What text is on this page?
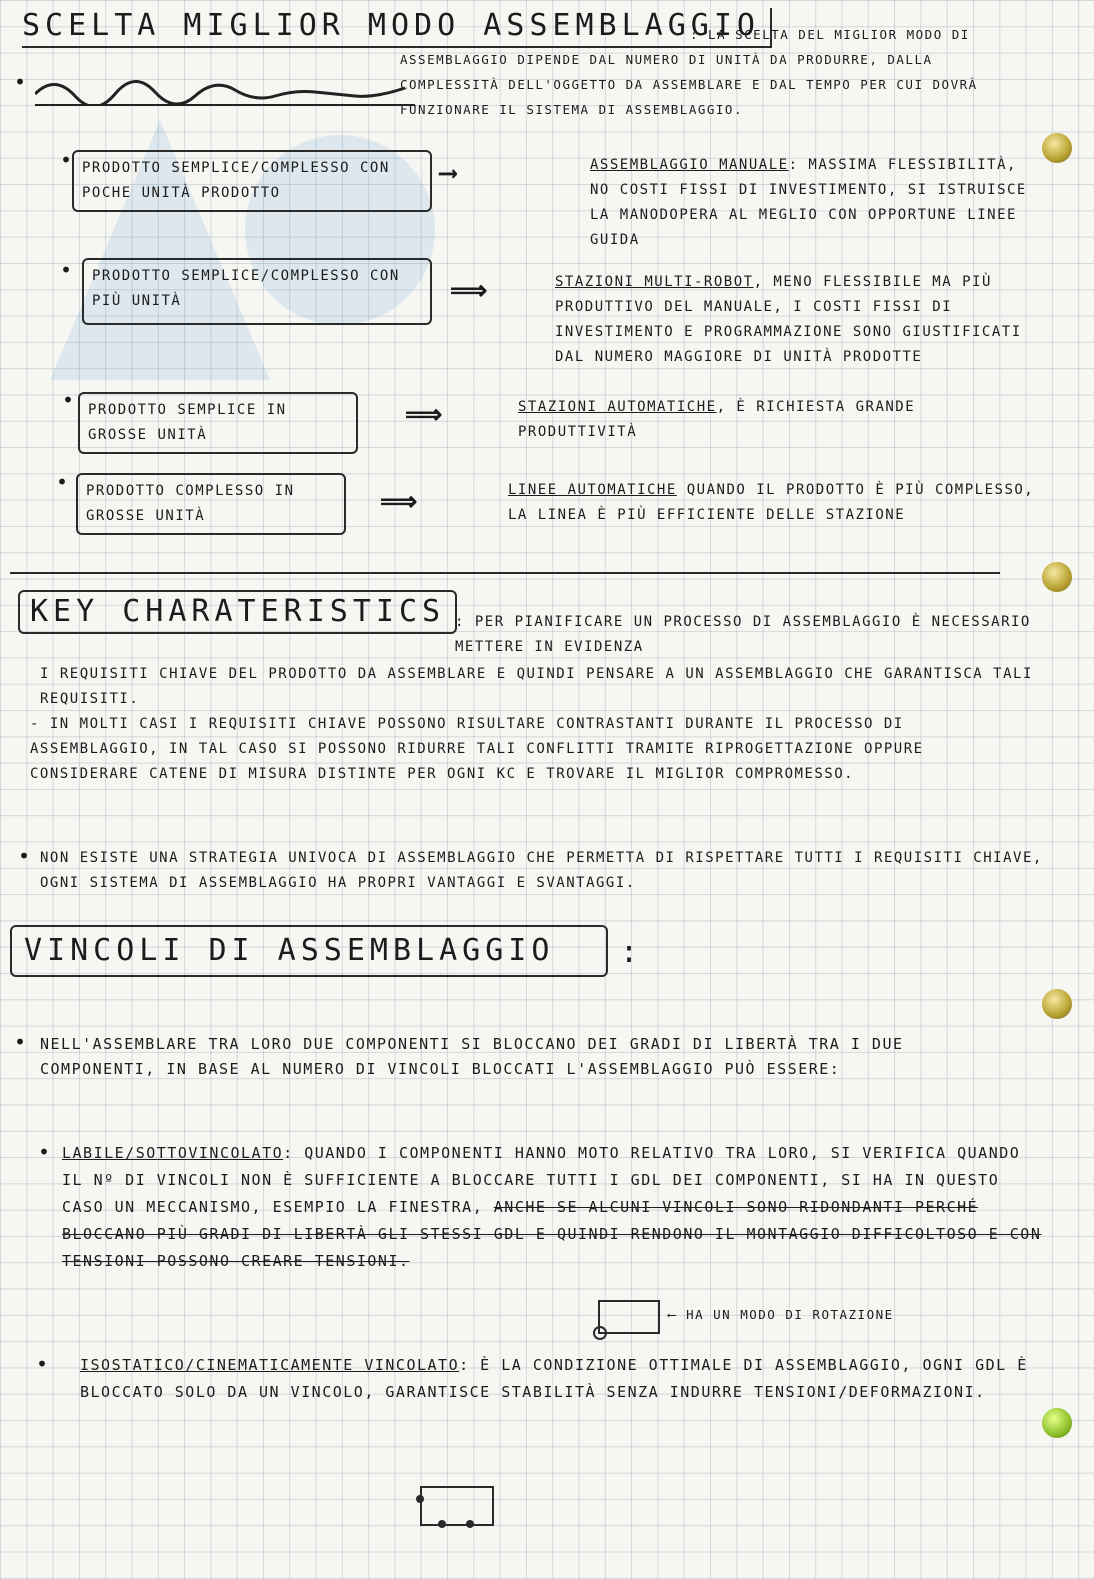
SCELTA MIGLIOR MODO ASSEMBLAGGIO
: LA SCELTA DEL MIGLIOR MODO DI ASSEMBLAGGIO DIPENDE DAL NUMERO DI UNITÀ DA PRODURRE, DALLA COMPLESSITÀ DELL'OGGETTO DA ASSEMBLARE E DAL TEMPO PER CUI DOVRÀ FUNZIONARE IL SISTEMA DI ASSEMBLAGGIO.
•
• PRODOTTO SEMPLICE/COMPLESSO CON POCHE UNITÀ PRODOTTO
⟶	ASSEMBLAGGIO MANUALE: MASSIMA FLESSIBILITÀ, NO COSTI FISSI DI INVESTIMENTO, SI ISTRUISCE LA MANODOPERA AL MEGLIO CON OPPORTUNE LINEE GUIDA
•	PRODOTTO SEMPLICE/COMPLESSO CON PIÙ UNITÀ	⟹	STAZIONI MULTI-ROBOT, MENO FLESSIBILE MA PIÙ PRODUTTIVO DEL MANUALE, I COSTI FISSI DI INVESTIMENTO E PROGRAMMAZIONE SONO GIUSTIFICATI DAL NUMERO MAGGIORE DI UNITÀ PRODOTTE
• PRODOTTO SEMPLICE IN GROSSE UNITÀ
⟹	STAZIONI AUTOMATICHE, È RICHIESTA GRANDE PRODUTTIVITÀ
•	PRODOTTO COMPLESSO IN GROSSE UNITÀ	⟹	LINEE AUTOMATICHE QUANDO IL PRODOTTO È PIÙ COMPLESSO, LA LINEA È PIÙ EFFICIENTE DELLE STAZIONE
KEY CHARATERISTICS : PER PIANIFICARE UN PROCESSO DI ASSEMBLAGGIO È NECESSARIO METTERE IN EVIDENZA
I REQUISITI CHIAVE DEL PRODOTTO DA ASSEMBLARE E QUINDI PENSARE A UN ASSEMBLAGGIO CHE GARANTISCA TALI REQUISITI.
- IN MOLTI CASI I REQUISITI CHIAVE POSSONO RISULTARE CONTRASTANTI DURANTE IL PROCESSO DI ASSEMBLAGGIO, IN TAL CASO SI POSSONO RIDURRE TALI CONFLITTI TRAMITE RIPROGETTAZIONE OPPURE CONSIDERARE CATENE DI MISURA DISTINTE PER OGNI KC E TROVARE IL MIGLIOR COMPROMESSO.
• NON ESISTE UNA STRATEGIA UNIVOCA DI ASSEMBLAGGIO CHE PERMETTA DI RISPETTARE TUTTI I REQUISITI CHIAVE, OGNI SISTEMA DI ASSEMBLAGGIO HA PROPRI VANTAGGI E SVANTAGGI.
VINCOLI DI ASSEMBLAGGIO	:
• NELL'ASSEMBLARE TRA LORO DUE COMPONENTI SI BLOCCANO DEI GRADI DI LIBERTÀ TRA I DUE COMPONENTI, IN BASE AL NUMERO DI VINCOLI BLOCCATI L'ASSEMBLAGGIO PUÒ ESSERE:
• LABILE/SOTTOVINCOLATO: QUANDO I COMPONENTI HANNO MOTO RELATIVO TRA LORO, SI VERIFICA QUANDO IL Nº DI VINCOLI NON È SUFFICIENTE A BLOCCARE TUTTI I GDL DEI COMPONENTI, SI HA IN QUESTO CASO UN MECCANISMO, ESEMPIO LA FINESTRA, ANCHE SE ALCUNI VINCOLI SONO RIDONDANTI PERCHÉ BLOCCANO PIÙ GRADI DI LIBERTÀ GLI STESSI GDL E QUINDI RENDONO IL MONTAGGIO DIFFICOLTOSO E CON TENSIONI POSSONO CREARE TENSIONI.
⟵ HA UN MODO DI ROTAZIONE
• ISOSTATICO/CINEMATICAMENTE VINCOLATO: È LA CONDIZIONE OTTIMALE DI ASSEMBLAGGIO, OGNI GDL È BLOCCATO SOLO DA UN VINCOLO, GARANTISCE STABILITÀ SENZA INDURRE TENSIONI/DEFORMAZIONI.
